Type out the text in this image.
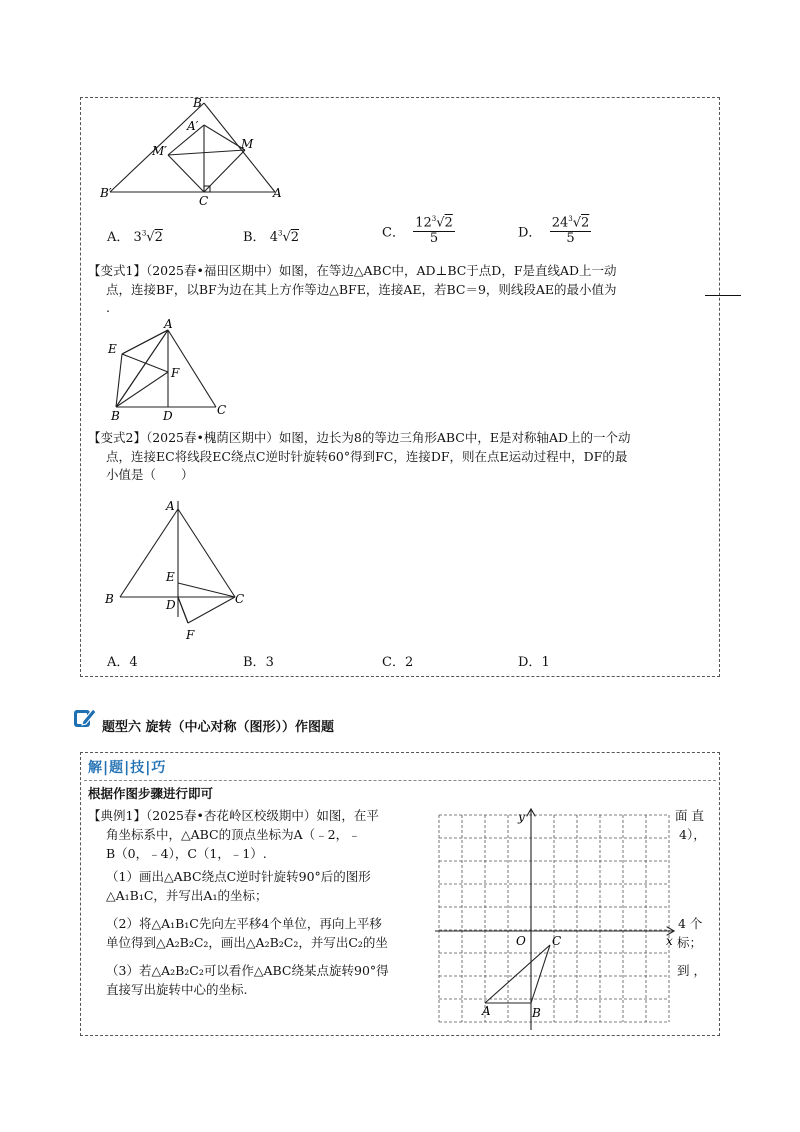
B
A′
M′	M
B′
C
A
A． $3^3√2$	B． $4^3√2$	C． $\frac{12^3√2}{5}$	D． $\frac{24^3√2}{5}$
【变式1】（2025春•福田区期中）如图，在等边△ABC中，AD⊥BC于点D，F是直线AD上一动
点，连接BF，以BF为边在其上方作等边△BFE，连接AE，若BC＝9，则线段AE的最小值为
.
A
E
F
B	D	C
【变式2】（2025春•槐荫区期中）如图，边长为8的等边三角形ABC中，E是对称轴AD上的一个动
点，连接EC将线段EC绕点C逆时针旋转60°得到FC，连接DF，则在点E运动过程中，DF的最
小值是（　　）
A
E
B	D	C
F
A．4	B．3	C．2	D．1
题型六 旋转（中心对称（图形））作图题
解|题|技|巧
根据作图步骤进行即可
【典例1】（2025春•杏花岭区校级期中）如图，在平
角坐标系中，△ABC的顶点坐标为A（﹣2，﹣
B（0，﹣4），C（1，﹣1）.
（1）画出△ABC绕点C逆时针旋转90°后的图形
△A₁B₁C，并写出A₁的坐标；
（2）将△A₁B₁C先向左平移4个单位，再向上平移
单位得到△A₂B₂C₂，画出△A₂B₂C₂，并写出C₂的坐
（3）若△A₂B₂C₂可以看作△ABC绕某点旋转90°得
直接写出旋转中心的坐标.
面 直
4），
4 个
标；
到 ，
y
x
O C
A	B
